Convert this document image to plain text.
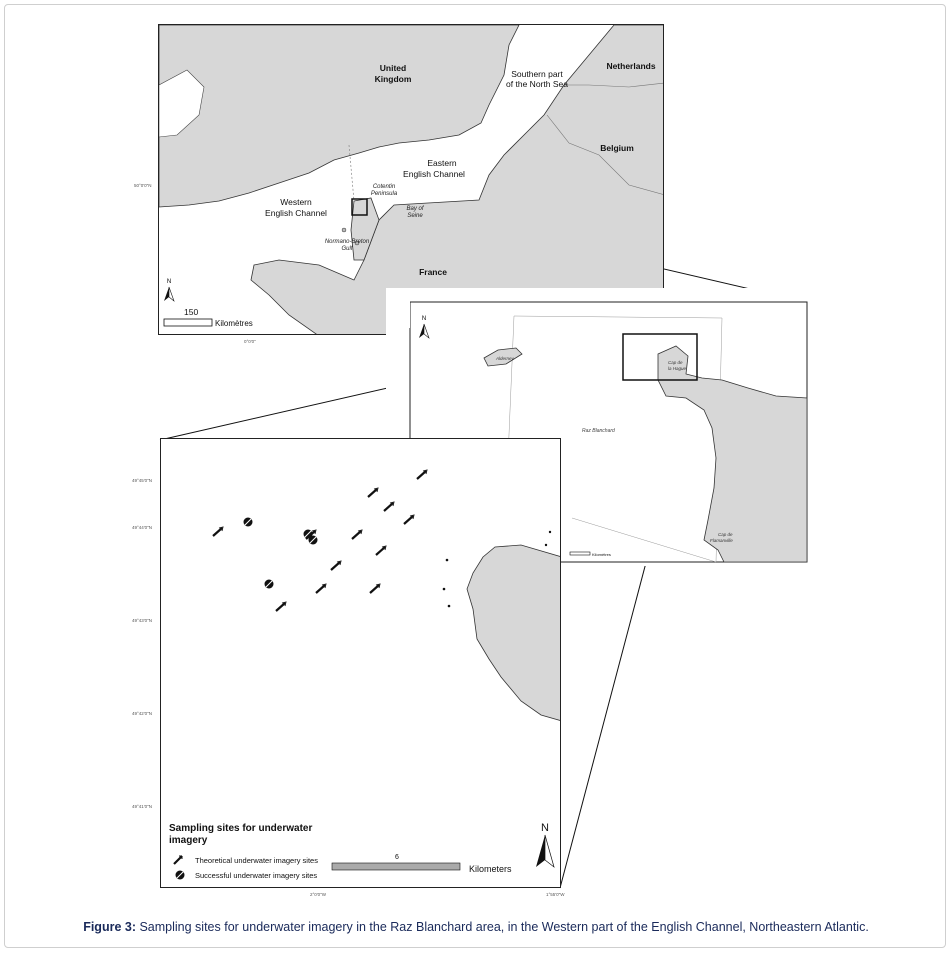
United
Kingdom
Netherlands
Belgium
France
Southern part
of the North Sea
Eastern
English Channel
Western
English Channel
Cotentin
Peninsula
Bay of
Seine
Normano-Breton
Gulf
N
150
Kilomètres
0°0'0"
50°0'0"N
Alderney
Cap de
la Hague
Cap de
Flamanville
Raz Blanchard
N
Kilomètres
Sampling sites for underwater
imagery
Theoretical underwater imagery sites
Successful underwater imagery sites
6
Kilometers
N
49°45'0"N
49°44'0"N
49°43'0"N
49°42'0"N
49°41'0"N
2°0'0"W	1°55'0"W
Figure 3: Sampling sites for underwater imagery in the Raz Blanchard area, in the Western part of the English Channel, Northeastern Atlantic.
